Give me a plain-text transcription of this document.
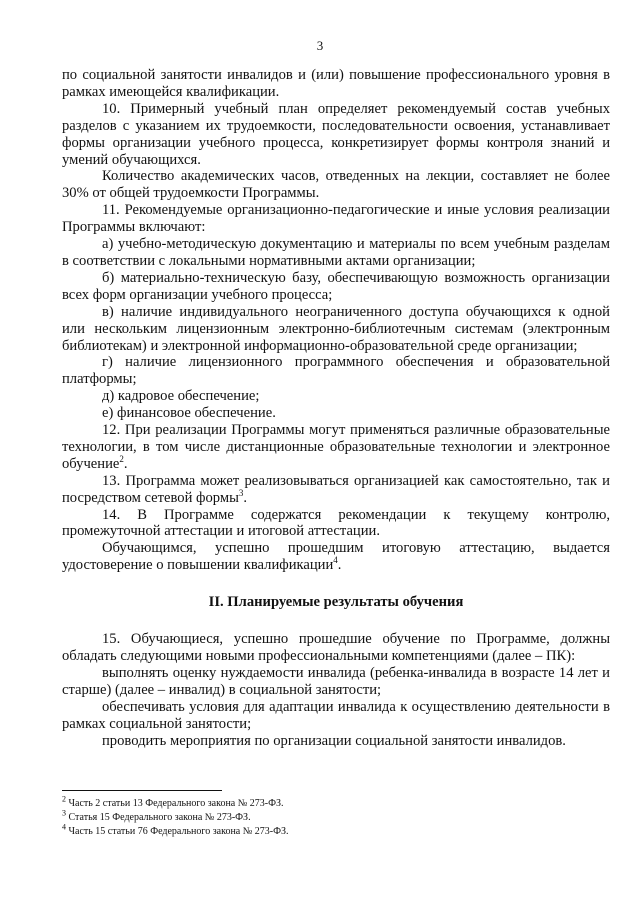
3

по социальной занятости инвалидов и (или) повышение профессионального уровня в рамках имеющейся квалификации.

10. Примерный учебный план определяет рекомендуемый состав учебных разделов с указанием их трудоемкости, последовательности освоения, устанавливает формы организации учебного процесса, конкретизирует формы контроля знаний и умений обучающихся.

Количество академических часов, отведенных на лекции, составляет не более 30% от общей трудоемкости Программы.

11. Рекомендуемые организационно-педагогические и иные условия реализации Программы включают:

а) учебно-методическую документацию и материалы по всем учебным разделам в соответствии с локальными нормативными актами организации;

б) материально-техническую базу, обеспечивающую возможность организации всех форм организации учебного процесса;

в) наличие индивидуального неограниченного доступа обучающихся к одной или нескольким лицензионным электронно-библиотечным системам (электронным библиотекам) и электронной информационно-образовательной среде организации;

г) наличие лицензионного программного обеспечения и образовательной платформы;

д) кадровое обеспечение;

е) финансовое обеспечение.

12. При реализации Программы могут применяться различные образовательные технологии, в том числе дистанционные образовательные технологии и электронное обучение$^2$.

13. Программа может реализовываться организацией как самостоятельно, так и посредством сетевой формы$^3$.

14. В Программе содержатся рекомендации к текущему контролю, промежуточной аттестации и итоговой аттестации.

Обучающимся, успешно прошедшим итоговую аттестацию, выдается удостоверение о повышении квалификации$^4$.

II. Планируемые результаты обучения

15. Обучающиеся, успешно прошедшие обучение по Программе, должны обладать следующими новыми профессиональными компетенциями (далее – ПК):

выполнять оценку нуждаемости инвалида (ребенка-инвалида в возрасте 14 лет и старше) (далее – инвалид) в социальной занятости;

обеспечивать условия для адаптации инвалида к осуществлению деятельности в рамках социальной занятости;

проводить мероприятия по организации социальной занятости инвалидов.

$^2$ Часть 2 статьи 13 Федерального закона № 273-ФЗ.
$^3$ Статья 15 Федерального закона № 273-ФЗ.
$^4$ Часть 15 статьи 76 Федерального закона № 273-ФЗ.
